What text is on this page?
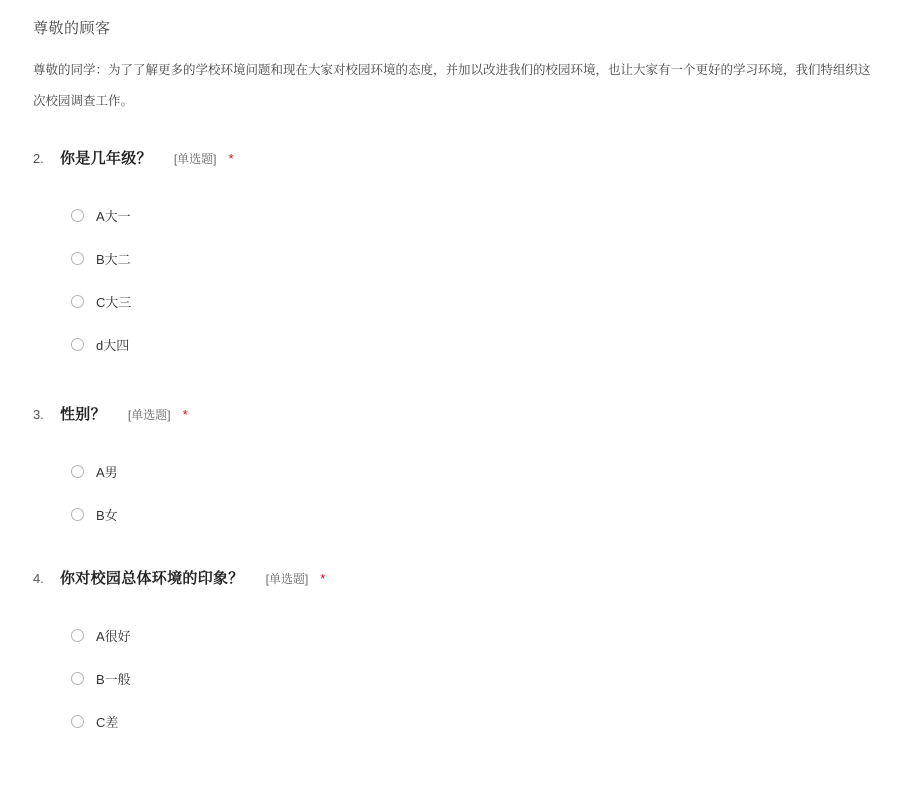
尊敬的顾客

尊敬的同学：为了了解更多的学校环境问题和现在大家对校园环境的态度，并加以改进我们的校园环境，也让大家有一个更好的学习环境，我们特组织这次校园调查工作。

2.	你是几年级？ [单选题] *
A大一
B大二
C大三
d大四
3.	性别？ [单选题] *
A男
B女
4.	你对校园总体环境的印象？ [单选题] *
A很好
B一般
C差
